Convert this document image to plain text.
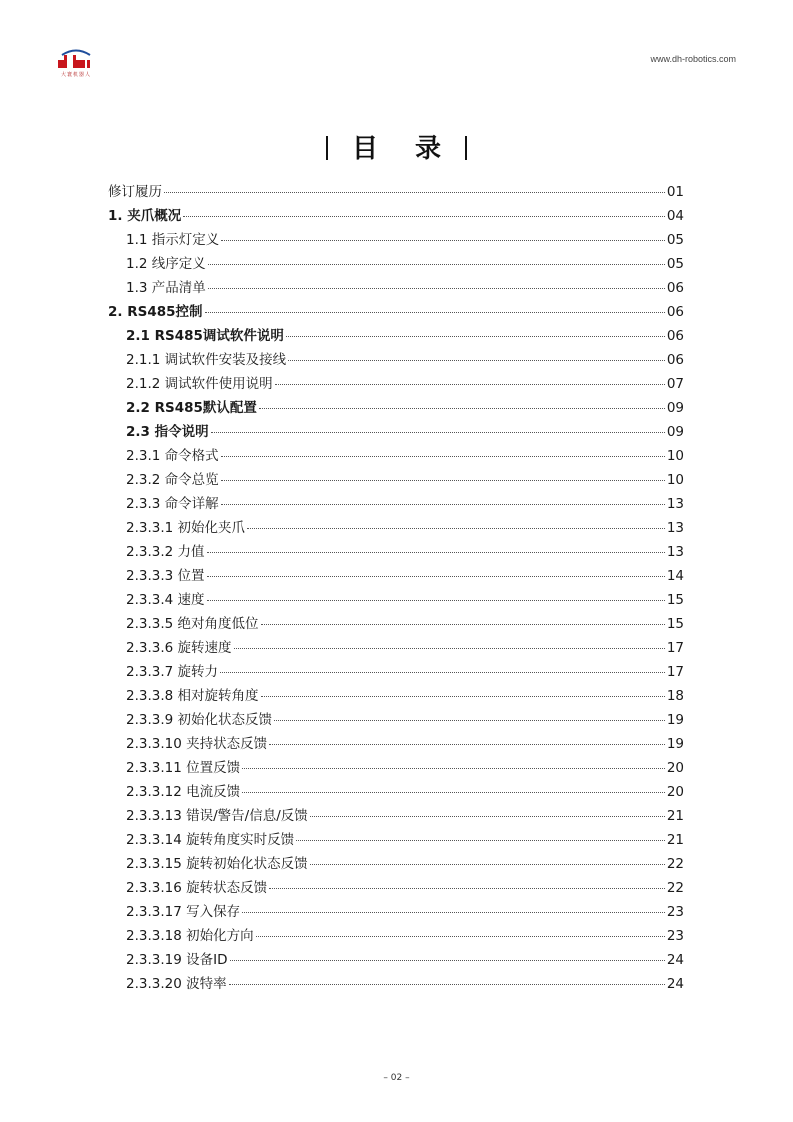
大寰机器人
www.dh-robotics.com
目 录
修订履历	01
1. 夹爪概况	04
1.1 指示灯定义	05
1.2 线序定义	05
1.3 产品清单	06
2. RS485控制	06
2.1 RS485调试软件说明	06
2.1.1 调试软件安装及接线	06
2.1.2 调试软件使用说明	07
2.2 RS485默认配置	09
2.3 指令说明	09
2.3.1 命令格式	10
2.3.2 命令总览	10
2.3.3 命令详解	13
2.3.3.1 初始化夹爪	13
2.3.3.2 力值	13
2.3.3.3 位置	14
2.3.3.4 速度	15
2.3.3.5 绝对角度低位	15
2.3.3.6 旋转速度	17
2.3.3.7 旋转力	17
2.3.3.8 相对旋转角度	18
2.3.3.9 初始化状态反馈	19
2.3.3.10 夹持状态反馈	19
2.3.3.11 位置反馈	20
2.3.3.12 电流反馈	20
2.3.3.13 错误/警告/信息/反馈	21
2.3.3.14 旋转角度实时反馈	21
2.3.3.15 旋转初始化状态反馈	22
2.3.3.16 旋转状态反馈	22
2.3.3.17 写入保存	23
2.3.3.18 初始化方向	23
2.3.3.19 设备ID	24
2.3.3.20 波特率	24
– 02 –
